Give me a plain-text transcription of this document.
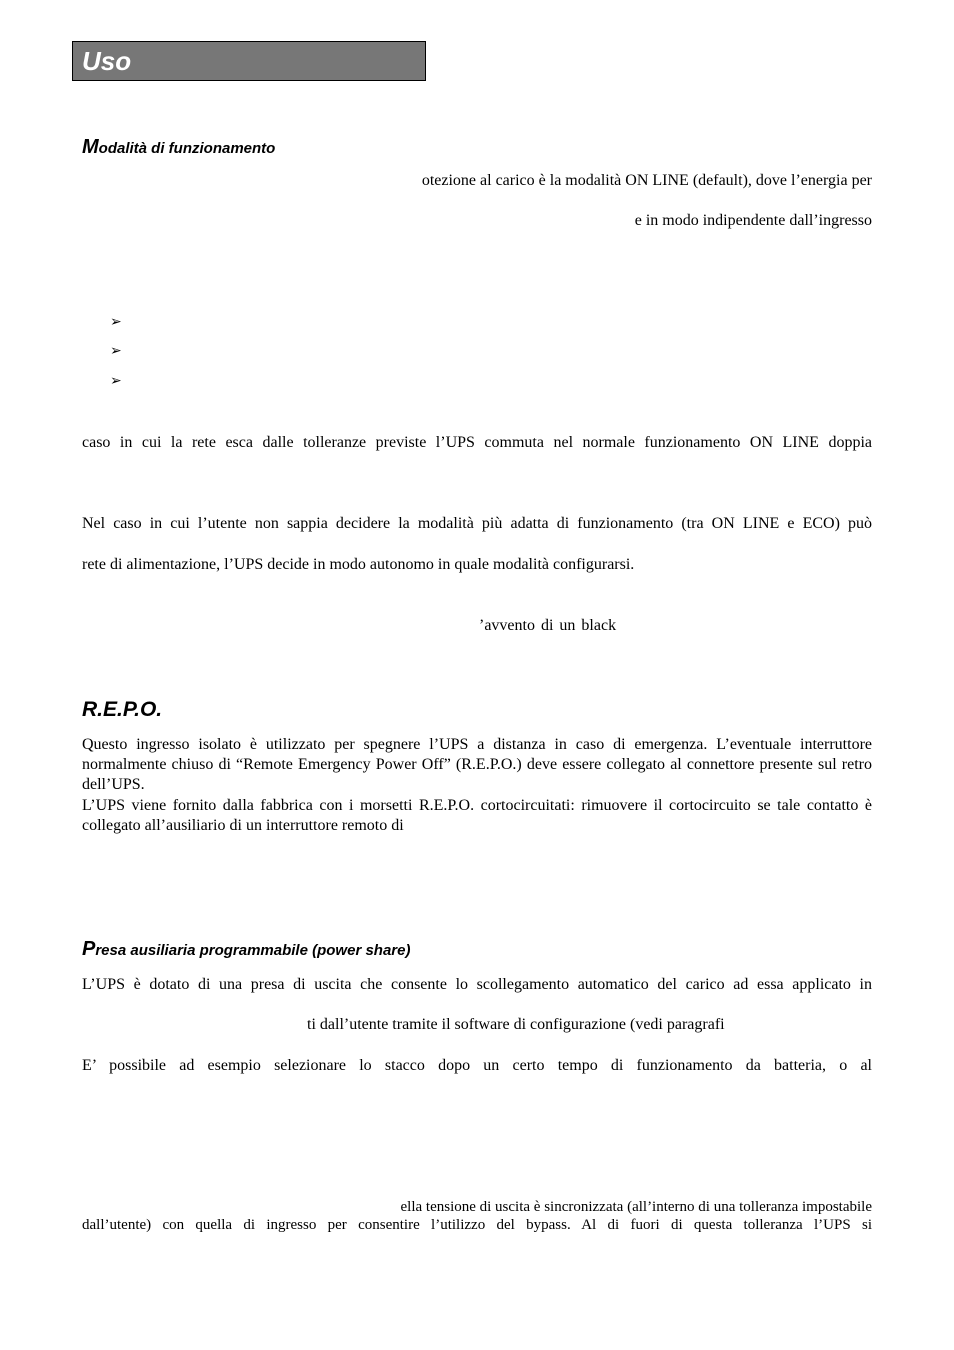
Uso
Modalità di funzionamento
otezione al carico è la modalità ON LINE (default), dove l’energia per
e in modo indipendente dall’ingresso
➢
➢
➢
caso in cui la rete esca dalle tolleranze previste l’UPS commuta nel normale funzionamento ON LINE doppia
Nel caso in cui l’utente non sappia decidere la modalità più adatta di funzionamento (tra ON LINE e ECO) può
rete di alimentazione, l’UPS decide in modo autonomo in quale modalità configurarsi.
’avvento di un black
R.E.P.O.
Questo ingresso isolato è utilizzato per spegnere l’UPS a distanza in caso di emergenza. L’eventuale interruttore normalmente chiuso di “Remote Emergency Power Off” (R.E.P.O.) deve essere collegato al connettore presente sul retro dell’UPS.
L’UPS viene fornito dalla fabbrica con i morsetti R.E.P.O. cortocircuitati: rimuovere il cortocircuito se tale contatto è collegato all’ausiliario di un interruttore remoto di
Presa ausiliaria programmabile (power share)
L’UPS è dotato di una presa di uscita che consente lo scollegamento automatico del carico ad essa applicato in
ti dall’utente tramite il software di configurazione (vedi paragrafi
E’ possibile ad esempio selezionare lo stacco dopo un certo tempo di funzionamento da batteria, o al
ella tensione di uscita è sincronizzata (all’interno di una tolleranza impostabile
dall’utente) con quella di ingresso per consentire l’utilizzo del bypass. Al di fuori di questa tolleranza l’UPS si
